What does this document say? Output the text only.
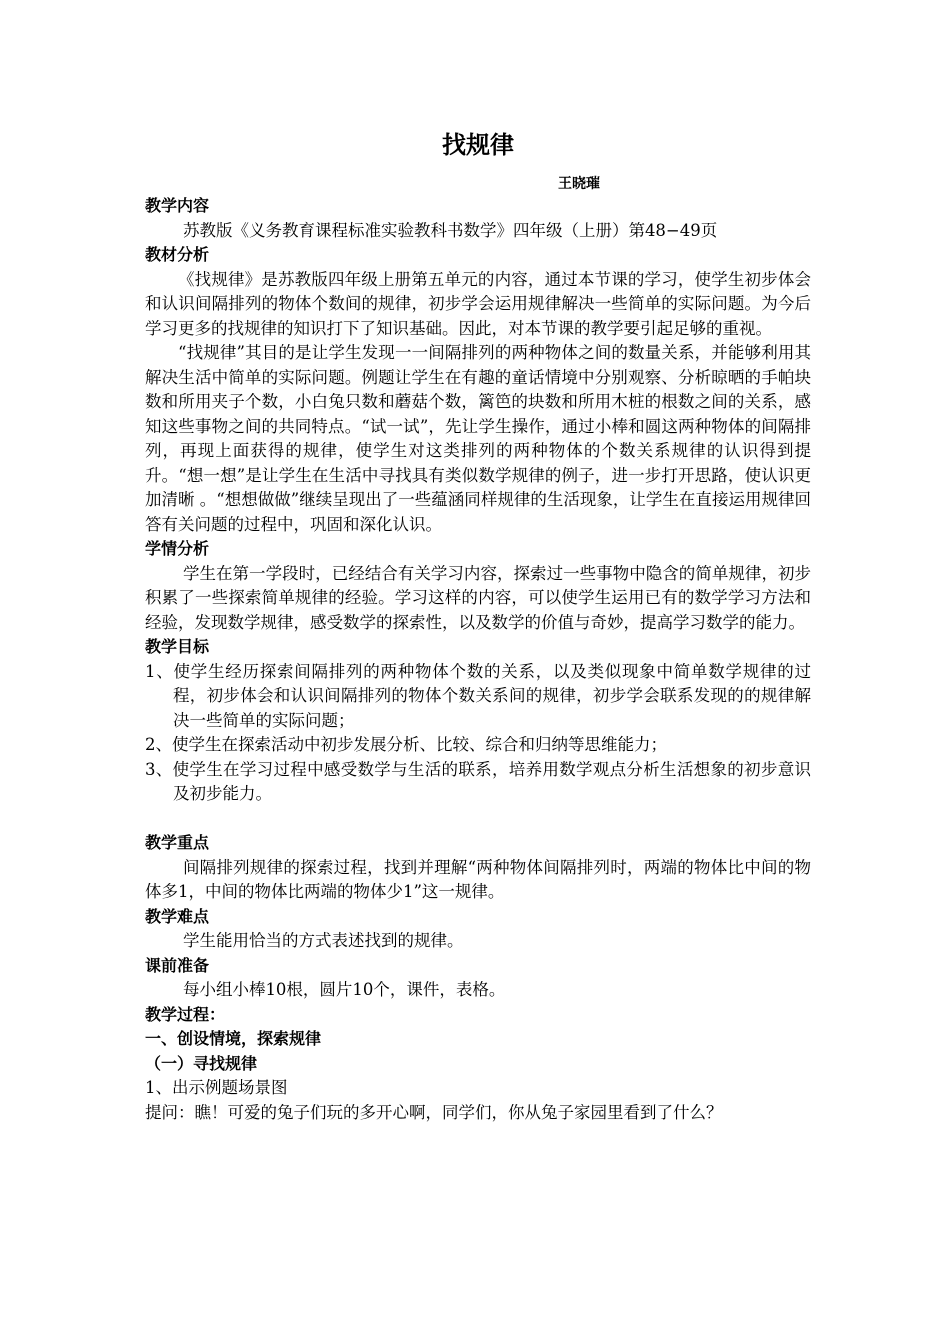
找规律
王晓璀
教学内容

苏教版《义务教育课程标准实验教科书数学》四年级（上册）第48−49页

教材分析

《找规律》是苏教版四年级上册第五单元的内容，通过本节课的学习，使学生初步体会和认识间隔排列的物体个数间的规律，初步学会运用规律解决一些简单的实际问题。为今后学习更多的找规律的知识打下了知识基础。因此，对本节课的教学要引起足够的重视。

“找规律”其目的是让学生发现一一间隔排列的两种物体之间的数量关系，并能够利用其解决生活中简单的实际问题。例题让学生在有趣的童话情境中分别观察、分析晾晒的手帕块数和所用夹子个数，小白兔只数和蘑菇个数，篱笆的块数和所用木桩的根数之间的关系，感知这些事物之间的共同特点。“试一试”，先让学生操作，通过小棒和圆这两种物体的间隔排列，再现上面获得的规律，使学生对这类排列的两种物体的个数关系规律的认识得到提升。“想一想”是让学生在生活中寻找具有类似数学规律的例子，进一步打开思路，使认识更加清晰 。“想想做做”继续呈现出了一些蕴涵同样规律的生活现象，让学生在直接运用规律回答有关问题的过程中，巩固和深化认识。

学情分析

学生在第一学段时，已经结合有关学习内容，探索过一些事物中隐含的简单规律，初步积累了一些探索简单规律的经验。学习这样的内容，可以使学生运用已有的数学学习方法和经验，发现数学规律，感受数学的探索性，以及数学的价值与奇妙，提高学习数学的能力。

教学目标
1、使学生经历探索间隔排列的两种物体个数的关系，以及类似现象中简单数学规律的过程，初步体会和认识间隔排列的物体个数关系间的规律，初步学会联系发现的的规律解决一些简单的实际问题；
2、使学生在探索活动中初步发展分析、比较、综合和归纳等思维能力；
3、使学生在学习过程中感受数学与生活的联系，培养用数学观点分析生活想象的初步意识及初步能力。
教学重点

间隔排列规律的探索过程，找到并理解“两种物体间隔排列时，两端的物体比中间的物体多1，中间的物体比两端的物体少1”这一规律。

教学难点

学生能用恰当的方式表述找到的规律。

课前准备

每小组小棒10根，圆片10个，课件，表格。

教学过程：
一、创设情境，探索规律
（一）寻找规律
1、出示例题场景图
提问：瞧！可爱的兔子们玩的多开心啊，同学们，你从兔子家园里看到了什么？
